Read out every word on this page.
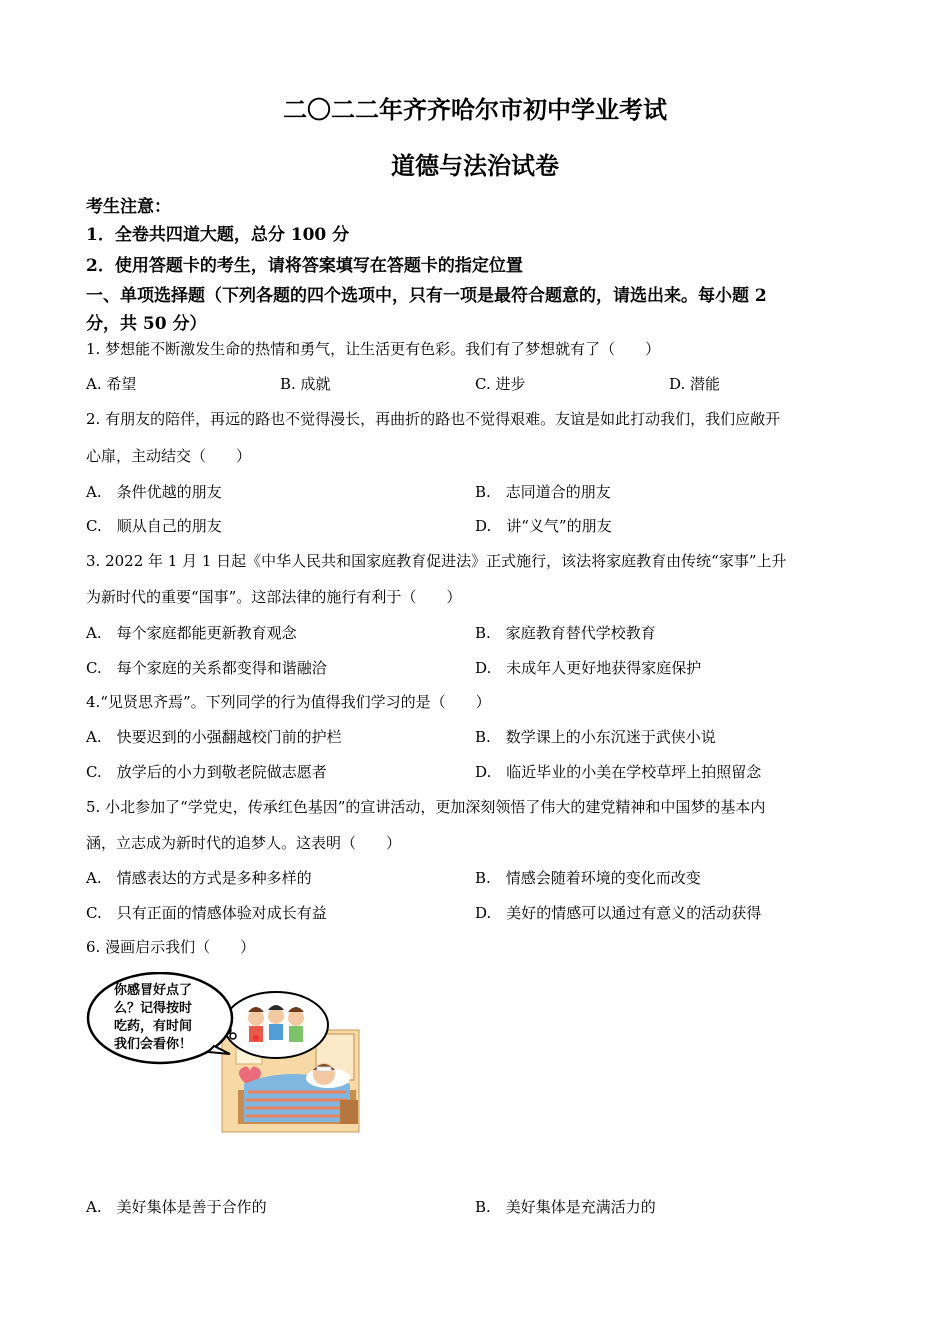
二〇二二年齐齐哈尔市初中学业考试
道德与法治试卷
考生注意：
1．全卷共四道大题，总分 100 分
2．使用答题卡的考生，请将答案填写在答题卡的指定位置
一、单项选择题（下列各题的四个选项中，只有一项是最符合题意的，请选出来。每小题 2
分，共 50 分）
1. 梦想能不断激发生命的热情和勇气，让生活更有色彩。我们有了梦想就有了（　　）
A. 希望	B. 成就	C. 进步	D. 潜能
2. 有朋友的陪伴，再远的路也不觉得漫长，再曲折的路也不觉得艰难。友谊是如此打动我们，我们应敞开
心扉，主动结交（　　）
A.　条件优越的朋友	B.　志同道合的朋友
C.　顺从自己的朋友	D.　讲“义气”的朋友
3. 2022 年 1 月 1 日起《中华人民共和国家庭教育促进法》正式施行，该法将家庭教育由传统“家事”上升
为新时代的重要“国事”。这部法律的施行有利于（　　）
A.　每个家庭都能更新教育观念	B.　家庭教育替代学校教育
C.　每个家庭的关系都变得和谐融洽	D.　未成年人更好地获得家庭保护
4.“见贤思齐焉”。下列同学的行为值得我们学习的是（　　）
A.　快要迟到的小强翻越校门前的护栏	B.　数学课上的小东沉迷于武侠小说
C.　放学后的小力到敬老院做志愿者	D.　临近毕业的小美在学校草坪上拍照留念
5. 小北参加了“学党史，传承红色基因”的宣讲活动，更加深刻领悟了伟大的建党精神和中国梦的基本内
涵，立志成为新时代的追梦人。这表明（　　）
A.　情感表达的方式是多种多样的	B.　情感会随着环境的变化而改变
C.　只有正面的情感体验对成长有益	D.　美好的情感可以通过有意义的活动获得
6. 漫画启示我们（　　）
你感冒好点了
么？记得按时
吃药，有时间
我们会看你！
A.　美好集体是善于合作的	B.　美好集体是充满活力的
